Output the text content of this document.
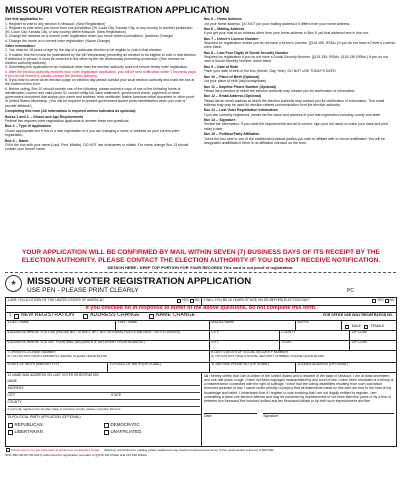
MISSOURI VOTER REGISTRATION APPLICATION
Use this application to:
1. Register to vote in any election in Missouri. (New Registration)
2. Register to vote when you move from one jurisdiction (St. Louis City, Kansas City, or any county) to another jurisdiction (St. Louis City, Kansas City, or any county) within Missouri. (New Registration)
3. Change the address on a current voter registration when you move within a jurisdiction. (Address Change)
4. Change the name on a current voter registration. (Name Change)
Other information:
1. You must be 18 years of age by the day of a particular election to be eligible to vote in that election.
2. If mailed, this form must be postmarked by the 4th Wednesday preceding an election to be eligible to vote in that election. If delivered in person, it must be received in the office by the 4th Wednesday preceding an election. (See reverse for election authority address)
3. Submitting this application to an individual other than the election authority does not ensure timely voter registration.
4. After the election authority receives your voter registration application, you will be sent notification within 7 business days. If you do not receive it, please contact the election authority.
5. If you wish to serve as an election judge on election day please contact your local election authority and mark the box at the bottom of this form.
6. Before voting, Box 10 should contain one of the following: please submit a copy of one of the following forms of identification: current and valid photo ID, current utility bill, bank statement, government check, paycheck or other government document that shows your name and address; birth certificate; Native American tribal document or other proof of United States citizenship. (You will be required to present government issued photo identification when you vote or provide affidavit.)
Completing this form (All information is required unless indicated as optional):
Boxes 1 and 2 -- Citizen and Age Requirements
Federal law requires voter registration applicants to answer these two questions.
Box 3 -- Type of Application
Check appropriate box if this is a new registration or if you are changing a name or address on your current voter registration.
Box 4 -- Name
Fill in the box with your name (Last, First, Middle). DO NOT use nicknames or initials. For name change Box 13 should contain your former name.
Box 5 -- Home Address
List your home address. DO NOT put your mailing address if it differs from your home address.
Box 6 -- Mailing Address
If you get your mail at an address other than your home address in Box 5, put that address here in this box.
Box 7 -- Driver's License Number
Required for registration unless you do not have a Driver's License. [§115.155, RSMo.] If you do not have a Driver's License, leave blank.
Box 8 -- Last Four Digits of Social Security Number
Required for registration if you do not have a Social Security Number. [§115.155, RSMo. §115.136 RSMo.] If you do not have a Social Security Number, leave blank.
Box 9 -- Date of Birth
Place your date of birth in the box (Month, Day, Year). DO NOT USE TODAY'S DATE!
Box 10 -- Place of Birth (Optional)
List your place of birth (city/county/state).
Box 11 -- Daytime Phone Number (Optional)
Please list a number at which the election authority may contact you for clarification of information.
Box 12 -- Email Address (Optional)
Please list an email address at which the election authority may contact you for clarification of information. This email address may only be used for election related communication from the election authority.
Box 13 -- Last Voter Registration Information
If you are currently registered, please list the name and address of your last registration including county and state.
Box 14 -- Signature
Review the information. If you meet the requirements and all is correct, sign your full name or make your mark and print today's date.
Box 15 -- Political Party Affiliation
Check the box next to one of the established political parties you wish to affiliate with or check unaffiliated. You will be designated unaffiliated if there is no affiliation checked on the form.
YOUR APPLICATION WILL BE CONFIRMED BY MAIL WITHIN SEVEN (7) BUSINESS DAYS OF ITS RECEIPT BY THE ELECTION AUTHORITY. PLEASE CONTACT THE ELECTION AUTHORITY IF YOU DO NOT RECEIVE NOTIFICATION.
DETACH HERE - KEEP TOP PORTION FOR YOUR RECORDS This card is not proof of registration.
★	MISSOURI VOTER REGISTRATION APPLICATION
USE PEN - PLEASE PRINT CLEARLY	PC
1 ARE YOU A CITIZEN OF THE UNITED STATES OF AMERICA?	YES NO 2 WILL YOU BE 18 YEARS OF AGE ON OR BEFORE ELECTION DAY?	YES NO
If you checked no in response to either of the above questions, do not complete this form.
3 NEW REGISTRATION	ADDRESS CHANGE	NAME CHANGE	FOR OFFICE USE ONLY REGISTRATION NO.
4 LAST NAME	FIRST NAME	MIDDLE NAME	SUFFIX
MALE	FEMALE
5 ADDRESS WHERE YOU LIVE (HOUSE NO., STREET, APT. NO. OR RURAL ROUTE AND BOX - NO P.O. BOXES)	CITY	COUNTY	ZIP CODE
6 ADDRESS WHERE YOU GET YOUR MAIL (REQUIRED IF DIFFERENT FROM #5 ABOVE)	CITY	STATE	ZIP CODE
7 DRIVER'S LICENSE NUMBER
IF YOU DO NOT HAVE A DRIVER'S LICENSE, PLEASE LEAVE BLANK
8 LAST 4 DIGITS OF SOCIAL SECURITY NUMBER
IF YOU DO NOT HAVE A SOCIAL SECURITY NUMBER, PLEASE LEAVE BLANK
9 DATE OF BIRTH (MM/DD/YYYY)	10 PLACE OF BIRTH (OPTIONAL)	11 DAYTIME PHONE NO. (OPTIONAL)	12 EMAIL ADDRESS (OPTIONAL)
13 NAME AND ADDRESS ON LAST VOTER REGISTRATION
NAME
ADDRESS
CITY	STATE
COUNTY
If currently registered in another state or previous county, please complete this box.
15 POLITICAL PARTY AFFILIATION (OPTIONAL)
REPUBLICAN	DEMOCRATIC
LIBERTARIAN	UNAFFILIATED
14I hereby certify that I am a citizen of the United States and a resident of the state of Missouri. I am at least seventeen and one half years of age. I have not been adjudged incapacitated by any court of law. I have been convicted of a felony or a misdemeanor connected with the right of suffrage, I have had the voting disabilities resulting from such conviction removed pursuant to law. I swear under penalty of perjury that all statements made on this card are true to the best of my knowledge and belief. I understand that if I register to vote knowing that I am not legally entitled to register, I am committing a class one election offense and may be punished by imprisonment of not more than five years or by a fine of between two thousand five hundred dollars and ten thousand dollars or by both such imprisonment and fine.
Date	Signature
Check here if you are interested in working as an Election Judge. Warning: Conviction for making a false statement may result in imprisonment for up to five years and/or a fine up to $10,000
SOC-050-VR-83 (05-2017) Authorized for registration pursuant to §§115.151 RSMo and 115.158 RSMo.
